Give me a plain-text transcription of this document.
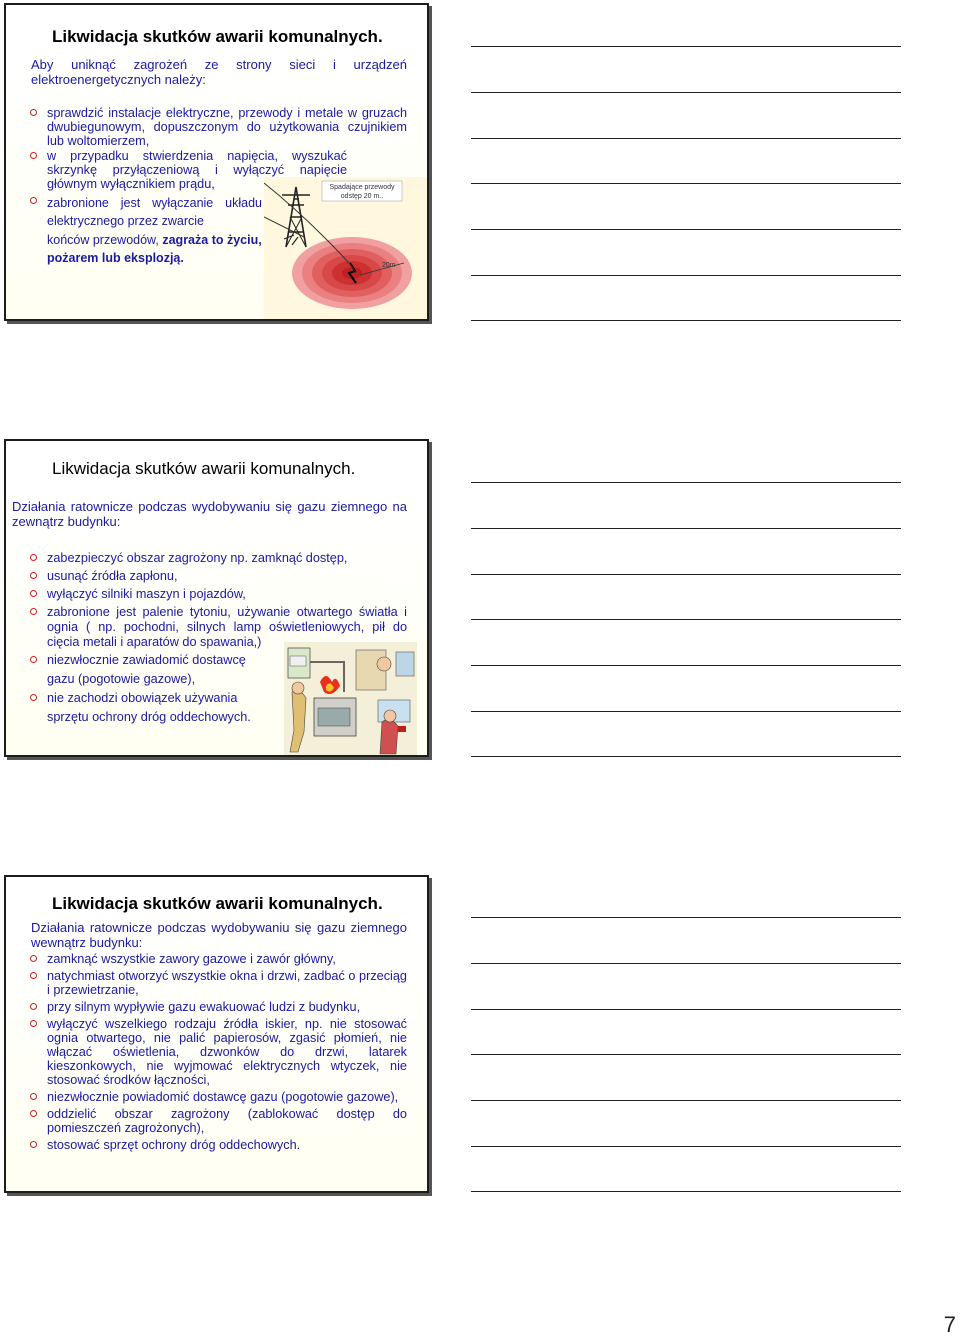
Likwidacja skutków awarii komunalnych.
Aby uniknąć zagrożeń ze strony sieci i urządzeń elektroenergetycznych należy:
sprawdzić instalacje elektryczne, przewody i metale w gruzach dwubiegunowym, dopuszczonym do użytkowania czujnikiem lub woltomierzem,
w przypadku stwierdzenia napięcia, wyszukać skrzynkę przyłączeniową i wyłączyć napięcie głównym wyłącznikiem prądu,
zabronione jest wyłączanie układu elektrycznego przez zwarcie
końców przewodów, zagraża to życiu, pożarem lub eksplozją.
20m
Spadające przewody
odstęp 20 m..
Likwidacja skutków awarii komunalnych.
Działania ratownicze podczas wydobywaniu się gazu ziemnego na zewnątrz budynku:
zabezpieczyć obszar zagrożony np. zamknąć dostęp,
usunąć źródła zapłonu,
wyłączyć silniki maszyn i pojazdów,
zabronione jest palenie tytoniu, używanie otwartego światła i ognia ( np. pochodni, silnych lamp oświetleniowych, pił do cięcia metali i aparatów do spawania,)
niezwłocznie zawiadomić dostawcę
gazu (pogotowie gazowe),
nie zachodzi obowiązek używania
sprzętu ochrony dróg oddechowych.
Likwidacja skutków awarii komunalnych.
Działania ratownicze podczas wydobywaniu się gazu ziemnego wewnątrz budynku:
zamknąć wszystkie zawory gazowe i zawór główny,
natychmiast otworzyć wszystkie okna i drzwi, zadbać o przeciąg i przewietrzanie,
przy silnym wypływie gazu ewakuować ludzi z budynku,
wyłączyć wszelkiego rodzaju źródła iskier, np. nie stosować ognia otwartego, nie palić papierosów, zgasić płomień, nie włączać oświetlenia, dzwonków do drzwi, latarek kieszonkowych, nie wyjmować elektrycznych wtyczek, nie stosować środków łączności,
niezwłocznie powiadomić dostawcę gazu (pogotowie gazowe),
oddzielić obszar zagrożony (zablokować dostęp do pomieszczeń zagrożonych),
stosować sprzęt ochrony dróg oddechowych.
7
